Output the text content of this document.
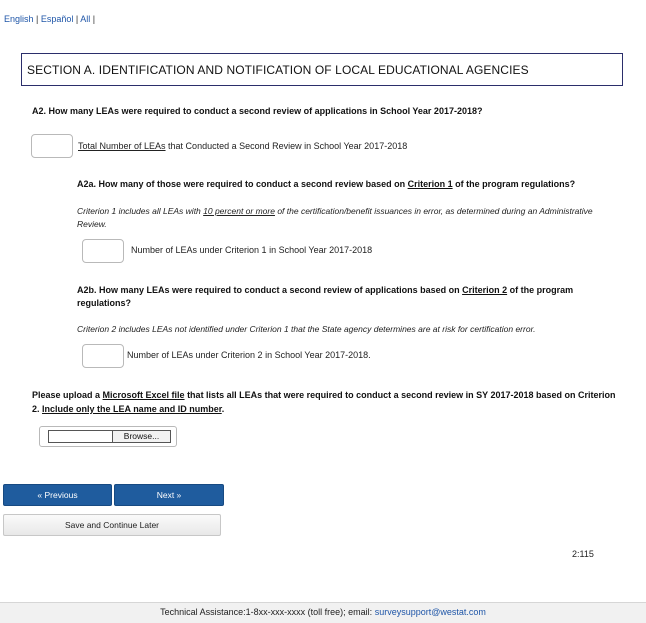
English | Español | All |
SECTION A. IDENTIFICATION AND NOTIFICATION OF LOCAL EDUCATIONAL AGENCIES
A2. How many LEAs were required to conduct a second review of applications in School Year 2017-2018?
Total Number of LEAs that Conducted a Second Review in School Year 2017-2018
A2a. How many of those were required to conduct a second review based on Criterion 1 of the program regulations?
Criterion 1 includes all LEAs with 10 percent or more of the certification/benefit issuances in error, as determined during an Administrative Review.
Number of LEAs under Criterion 1 in School Year 2017-2018
A2b. How many LEAs were required to conduct a second review of applications based on Criterion 2 of the program regulations?
Criterion 2 includes LEAs not identified under Criterion 1 that the State agency determines are at risk for certification error.
Number of LEAs under Criterion 2 in School Year 2017-2018.
Please upload a Microsoft Excel file that lists all LEAs that were required to conduct a second review in SY 2017-2018 based on Criterion 2. Include only the LEA name and ID number.
Browse...
« Previous	Next »
Save and Continue Later
2:115
Technical Assistance:1-8xx-xxx-xxxx (toll free); email: surveysupport@westat.com
